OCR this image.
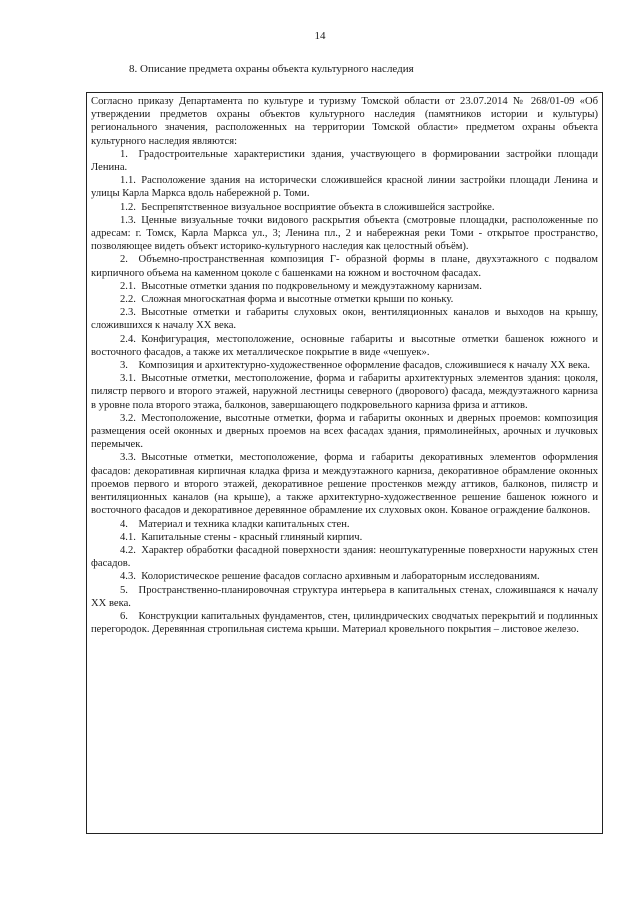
14
8. Описание предмета охраны объекта культурного наследия

Согласно приказу Департамента по культуре и туризму Томской области от 23.07.2014 № 268/01-09 «Об утверждении предметов охраны объектов культурного наследия (памятников истории и культуры) регионального значения, расположенных на территории Томской области» предметом охраны объекта культурного наследия являются:

1. Градостроительные характеристики здания, участвующего в формировании застройки площади Ленина.

1.1. Расположение здания на исторически сложившейся красной линии застройки площади Ленина и улицы Карла Маркса вдоль набережной р. Томи.

1.2. Беспрепятственное визуальное восприятие объекта в сложившейся застройке.

1.3. Ценные визуальные точки видового раскрытия объекта (смотровые площадки, расположенные по адресам: г. Томск, Карла Маркса ул., 3; Ленина пл., 2 и набережная реки Томи - открытое пространство, позволяющее видеть объект историко-культурного наследия как целостный объём).

2. Объемно-пространственная композиция Г- образной формы в плане, двухэтажного с подвалом кирпичного объема на каменном цоколе с башенками на южном и восточном фасадах.

2.1. Высотные отметки здания по подкровельному и междуэтажному карнизам.

2.2. Сложная многоскатная форма и высотные отметки крыши по коньку.

2.3. Высотные отметки и габариты слуховых окон, вентиляционных каналов и выходов на крышу, сложившихся к началу XX века.

2.4. Конфигурация, местоположение, основные габариты и высотные отметки башенок южного и восточного фасадов, а также их металлическое покрытие в виде «чешуек».

3. Композиция и архитектурно-художественное оформление фасадов, сложившиеся к началу XX века.

3.1. Высотные отметки, местоположение, форма и габариты архитектурных элементов здания: цоколя, пилястр первого и второго этажей, наружной лестницы северного (дворового) фасада, междуэтажного карниза в уровне пола второго этажа, балконов, завершающего подкровельного карниза фриза и аттиков.

3.2. Местоположение, высотные отметки, форма и габариты оконных и дверных проемов: композиция размещения осей оконных и дверных проемов на всех фасадах здания, прямолинейных, арочных и лучковых перемычек.

3.3. Высотные отметки, местоположение, форма и габариты декоративных элементов оформления фасадов: декоративная кирпичная кладка фриза и междуэтажного карниза, декоративное обрамление оконных проемов первого и второго этажей, декоративное решение простенков между аттиков, балконов, пилястр и вентиляционных каналов (на крыше), а также архитектурно-художественное решение башенок южного и восточного фасадов и декоративное деревянное обрамление их слуховых окон. Кованое ограждение балконов.

4. Материал и техника кладки капитальных стен.

4.1. Капитальные стены - красный глиняный кирпич.

4.2. Характер обработки фасадной поверхности здания: неоштукатуренные поверхности наружных стен фасадов.

4.3. Колористическое решение фасадов согласно архивным и лабораторным исследованиям.

5. Пространственно-планировочная структура интерьера в капитальных стенах, сложившаяся к началу XX века.

6. Конструкции капитальных фундаментов, стен, цилиндрических сводчатых перекрытий и подлинных перегородок. Деревянная стропильная система крыши. Материал кровельного покрытия – листовое железо.
